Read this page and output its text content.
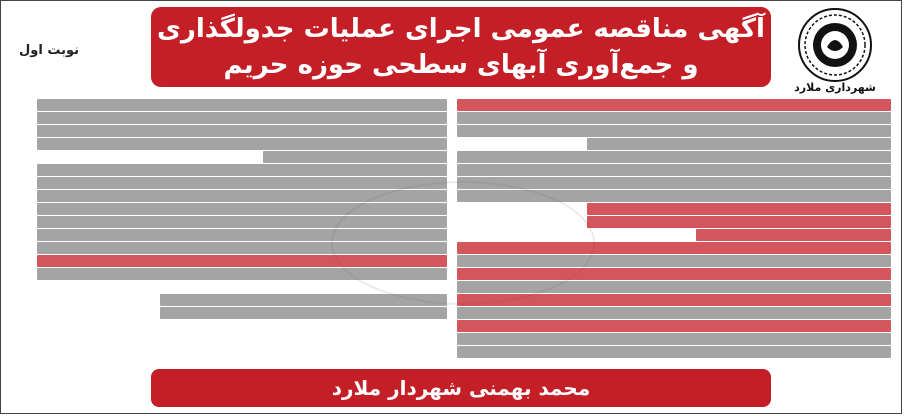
آگهی مناقصه عمومی اجرای عملیات جدولگذاری
و جمع‌آوری آبهای سطحی حوزه حریم
نوبت اول
شهرداری ملارد
محمد بهمنی شهردار ملارد
